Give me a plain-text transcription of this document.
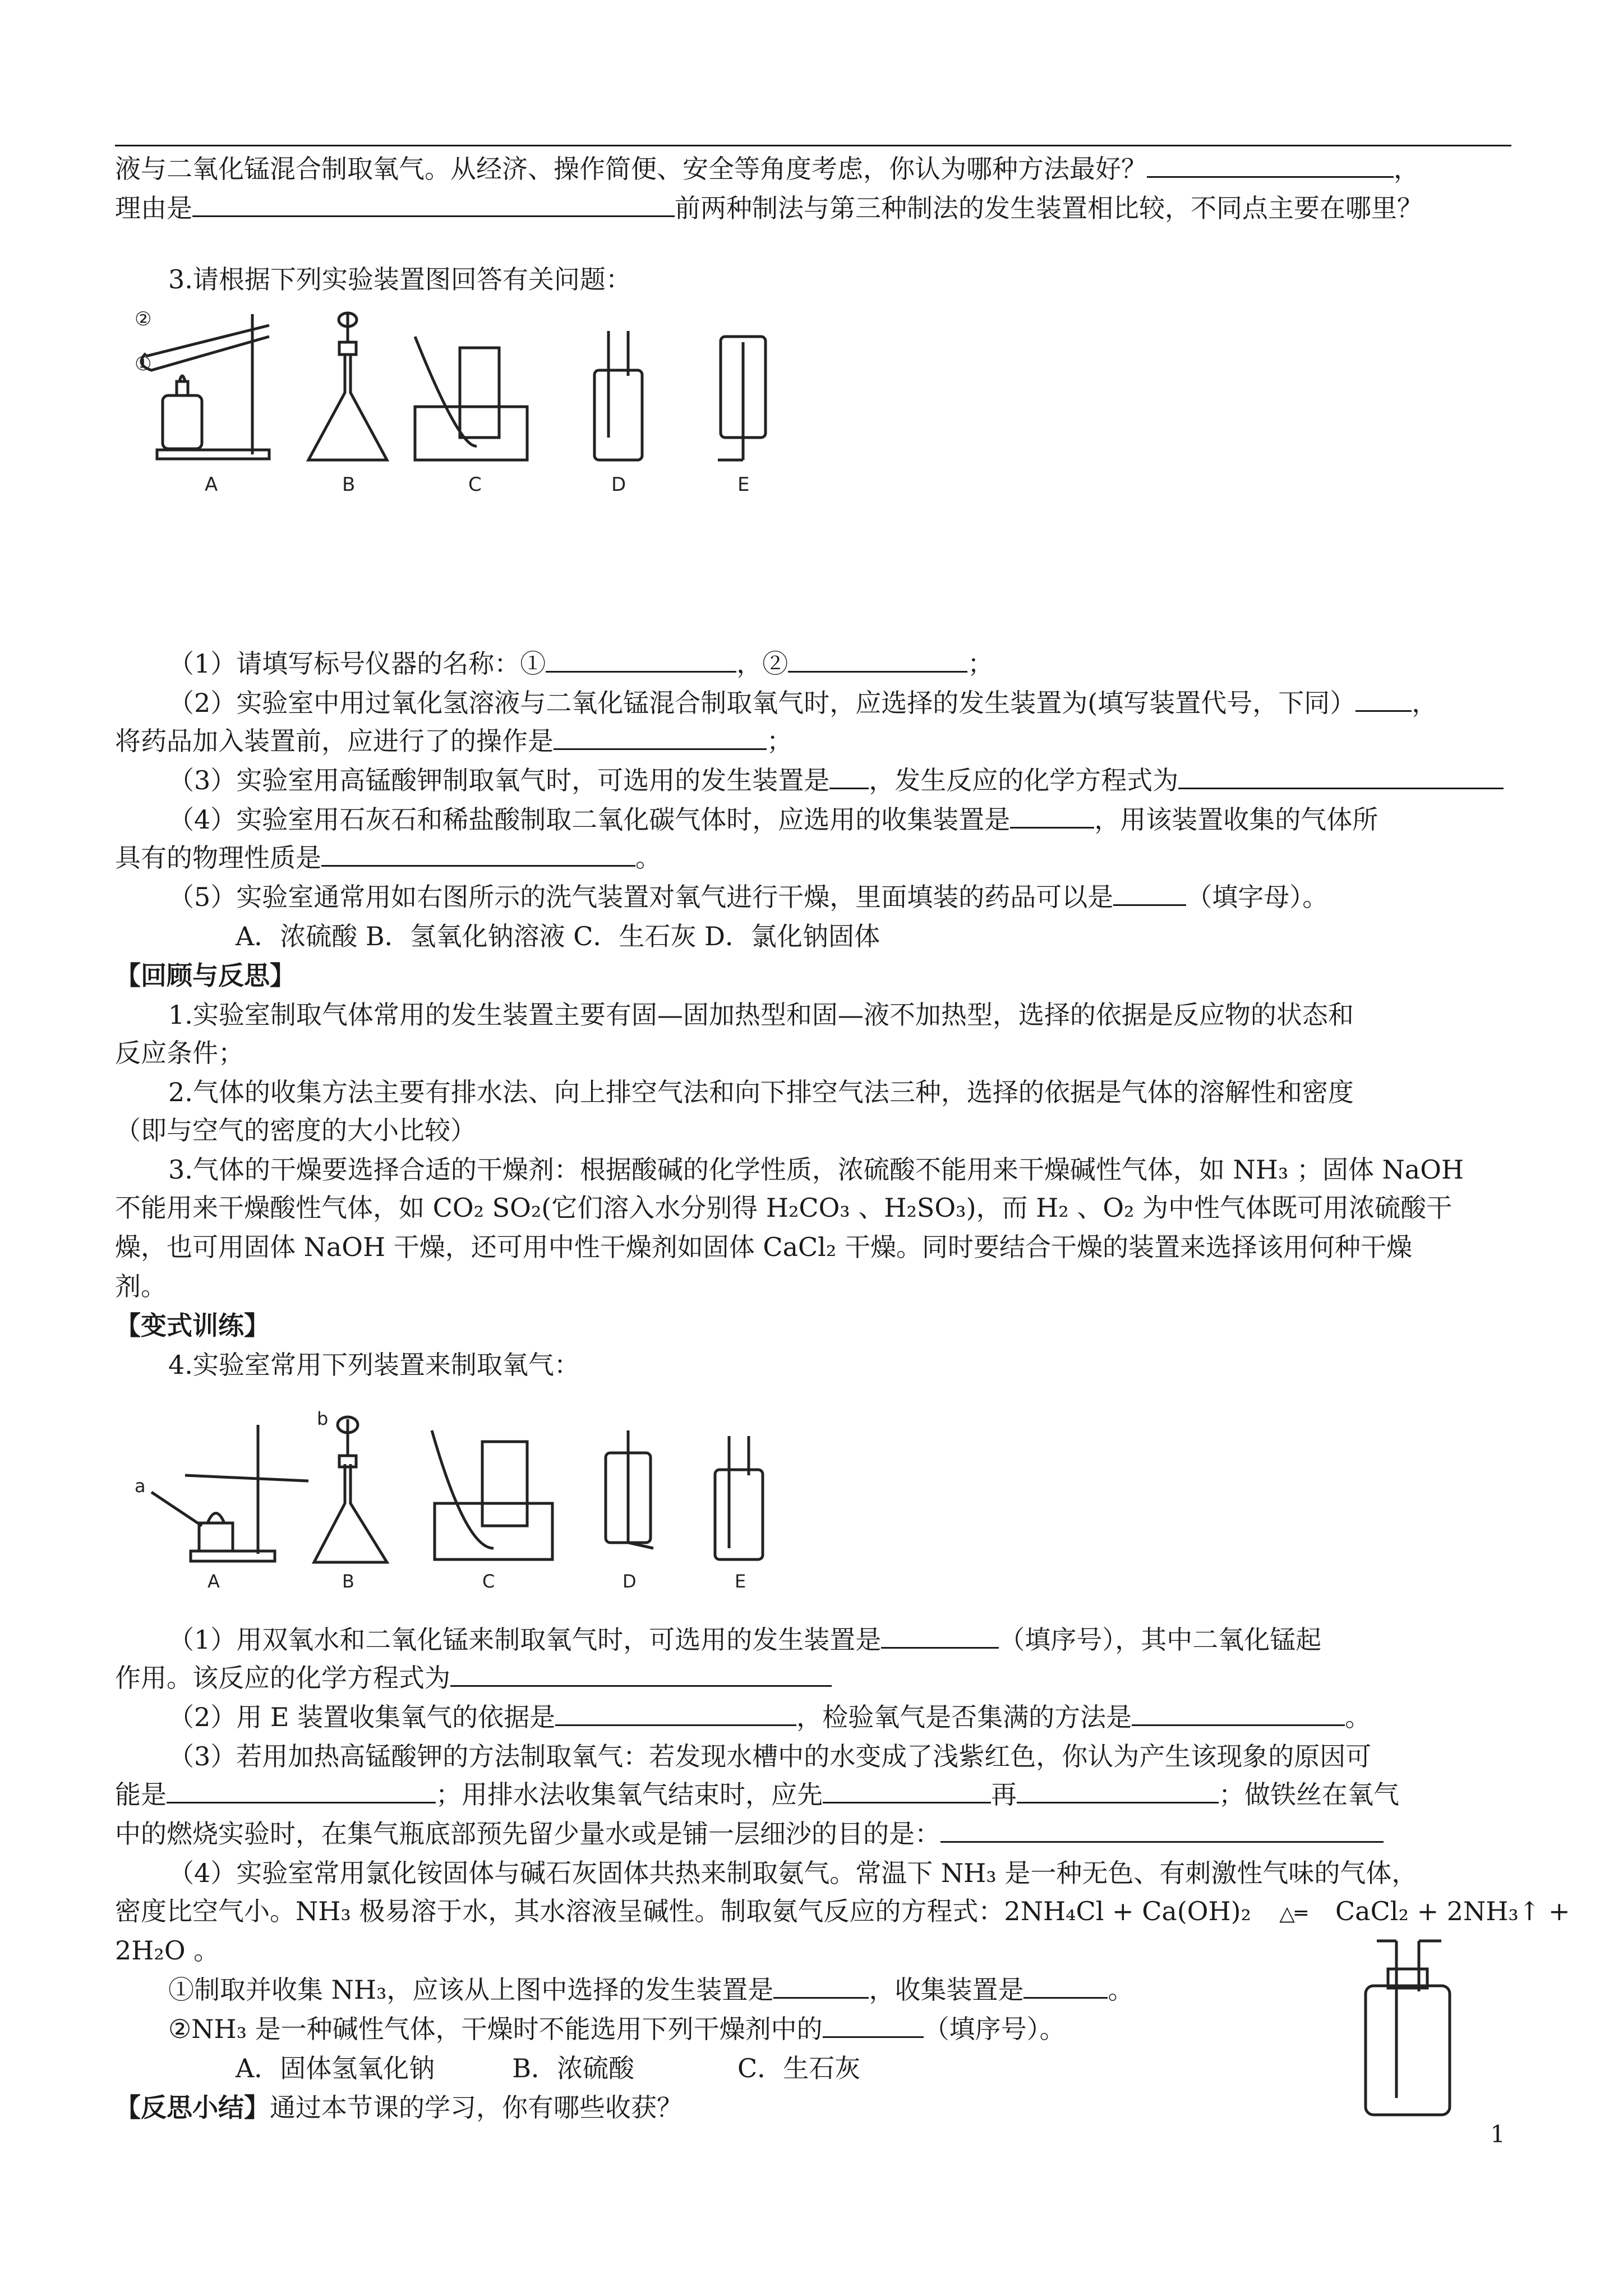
液与二氧化锰混合制取氧气。从经济、操作简便、安全等角度考虑，你认为哪种方法最好？	，
理由是	前两种制法与第三种制法的发生装置相比较，不同点主要在哪里？
3.请根据下列实验装置图回答有关问题：
②
①
A	B	C	D	E
（1）请填写标号仪器的名称：①	，②	；
（2）实验室中用过氧化氢溶液与二氧化锰混合制取氧气时，应选择的发生装置为(填写装置代号，下同） ，
将药品加入装置前，应进行了的操作是	；
（3）实验室用高锰酸钾制取氧气时，可选用的发生装置是 ，发生反应的化学方程式为
（4）实验室用石灰石和稀盐酸制取二氧化碳气体时，应选用的收集装置是	，用该装置收集的气体所
具有的物理性质是	。
（5）实验室通常用如右图所示的洗气装置对氧气进行干燥，里面填装的药品可以是	（填字母）。
A．浓硫酸 B．氢氧化钠溶液 C．生石灰 D．氯化钠固体
【回顾与反思】
1.实验室制取气体常用的发生装置主要有固—固加热型和固—液不加热型，选择的依据是反应物的状态和
反应条件；
2.气体的收集方法主要有排水法、向上排空气法和向下排空气法三种，选择的依据是气体的溶解性和密度
（即与空气的密度的大小比较）
3.气体的干燥要选择合适的干燥剂：根据酸碱的化学性质，浓硫酸不能用来干燥碱性气体，如 NH₃ ；固体 NaOH
不能用来干燥酸性气体，如 CO₂ SO₂(它们溶入水分别得 H₂CO₃ 、H₂SO₃)，而 H₂ 、O₂ 为中性气体既可用浓硫酸干
燥，也可用固体 NaOH 干燥，还可用中性干燥剂如固体 CaCl₂ 干燥。同时要结合干燥的装置来选择该用何种干燥
剂。
【变式训练】
4.实验室常用下列装置来制取氧气：
a
b
A	B	C	D	E
（1）用双氧水和二氧化锰来制取氧气时，可选用的发生装置是	（填序号），其中二氧化锰起
作用。该反应的化学方程式为
（2）用 E 装置收集氧气的依据是	，检验氧气是否集满的方法是	。
（3）若用加热高锰酸钾的方法制取氧气：若发现水槽中的水变成了浅紫红色，你认为产生该现象的原因可
能是	；用排水法收集氧气结束时，应先	再	；做铁丝在氧气
中的燃烧实验时，在集气瓶底部预先留少量水或是铺一层细沙的目的是：
（4）实验室常用氯化铵固体与碱石灰固体共热来制取氨气。常温下 NH₃ 是一种无色、有刺激性气味的气体，
密度比空气小。NH₃ 极易溶于水，其水溶液呈碱性。制取氨气反应的方程式：2NH₄Cl + Ca(OH)₂ △═ CaCl₂ + 2NH₃↑ +
2H₂O 。
①制取并收集 NH₃，应该从上图中选择的发生装置是	，收集装置是	。
②NH₃ 是一种碱性气体，干燥时不能选用下列干燥剂中的	（填序号）。
A．固体氢氧化钠　　　B．浓硫酸　　　　C．生石灰
【反思小结】通过本节课的学习，你有哪些收获？
1
